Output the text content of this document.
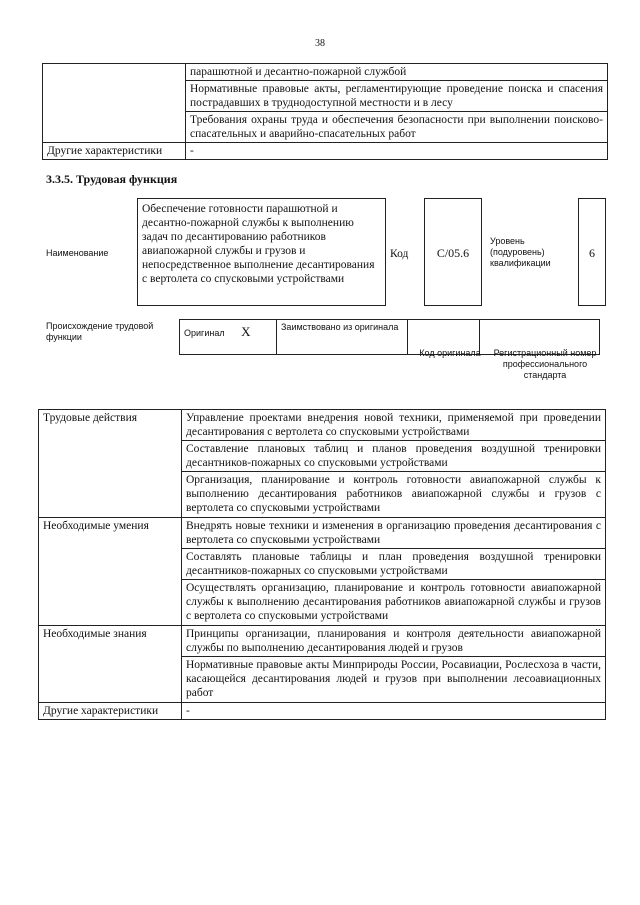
38
	парашютной и десантно-пожарной службой
	Нормативные правовые акты, регламентирующие проведение поиска и спасения пострадавших в труднодоступной местности и в лесу
	Требования охраны труда и обеспечения безопасности при выполнении поисково-спасательных и аварийно-спасательных работ
Другие характеристики	-
3.3.5. Трудовая функция
Наименование
Обеспечение готовности парашютной и десантно-пожарной службы к выполнению задач по десантированию работников авиапожарной службы и грузов и непосредственное выполнение десантирования с вертолета со спусковыми устройствами
Код	С/05.6
Уровень (подуровень) квалификации
6
Происхождение трудовой функции	Оригинал X	Заимствовано из оригинала		
Код оригинала	Регистрационный номер профессионального стандарта
Трудовые действия	Управление проектами внедрения новой техники, применяемой при проведении десантирования с вертолета со спусковыми устройствами
	Составление плановых таблиц и планов проведения воздушной тренировки десантников-пожарных со спусковыми устройствами
	Организация, планирование и контроль готовности авиапожарной службы к выполнению десантирования работников авиапожарной службы и грузов с вертолета со спусковыми устройствами
Необходимые умения	Внедрять новые техники и изменения в организацию проведения десантирования с вертолета со спусковыми устройствами
	Составлять плановые таблицы и план проведения воздушной тренировки десантников-пожарных со спусковыми устройствами
	Осуществлять организацию, планирование и контроль готовности авиапожарной службы к выполнению десантирования работников авиапожарной службы и грузов с вертолета со спусковыми устройствами
Необходимые знания	Принципы организации, планирования и контроля деятельности авиапожарной службы по выполнению десантирования людей и грузов
	Нормативные правовые акты Минприроды России, Росавиации, Рослесхоза в части, касающейся десантирования людей и грузов при выполнении лесоавиационных работ
Другие характеристики	-
